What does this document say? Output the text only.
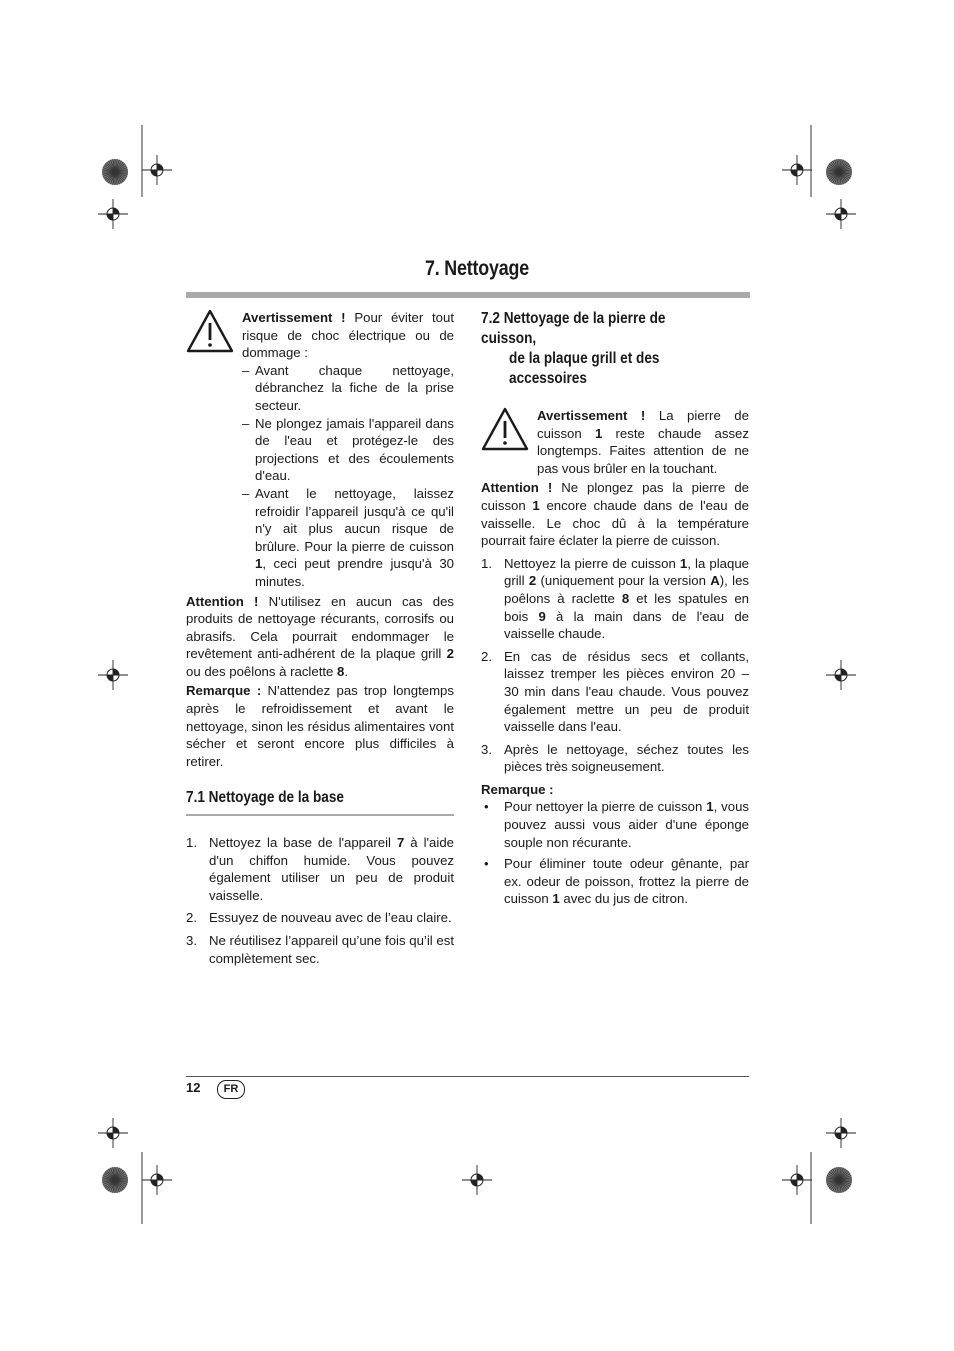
7. Nettoyage

Avertissement ! Pour éviter tout risque de choc électrique ou de dommage :

– Avant chaque nettoyage, débranchez la fiche de la prise secteur.
– Ne plongez jamais l'appareil dans de l'eau et protégez-le des projections et des écoulements d'eau.
– Avant le nettoyage, laissez refroidir l’appareil jusqu'à ce qu'il n'y ait plus aucun risque de brûlure. Pour la pierre de cuisson 1, ceci peut prendre jusqu'à 30 minutes.

Attention ! N'utilisez en aucun cas des produits de nettoyage récurants, corrosifs ou abrasifs. Cela pourrait endommager le revêtement anti-adhérent de la plaque grill 2 ou des poêlons à raclette 8.

Remarque : N'attendez pas trop longtemps après le refroidissement et avant le nettoyage, sinon les résidus alimentaires vont sécher et seront encore plus difficiles à retirer.

7.1 Nettoyage de la base
1. Nettoyez la base de l'appareil 7 à l'aide d'un chiffon humide. Vous pouvez également utiliser un peu de produit vaisselle.
2. Essuyez de nouveau avec de l’eau claire.
3. Ne réutilisez l’appareil qu’une fois qu’il est complètement sec.
7.2 Nettoyage de la pierre de cuisson,
de la plaque grill et des accessoires

Avertissement ! La pierre de cuisson 1 reste chaude assez longtemps. Faites attention de ne pas vous brûler en la touchant.

Attention ! Ne plongez pas la pierre de cuisson 1 encore chaude dans de l'eau de vaisselle. Le choc dû à la température pourrait faire éclater la pierre de cuisson.

1. Nettoyez la pierre de cuisson 1, la plaque grill 2 (uniquement pour la version A), les poêlons à raclette 8 et les spatules en bois 9 à la main dans de l'eau de vaisselle chaude.
2. En cas de résidus secs et collants, laissez tremper les pièces environ 20 – 30 min dans l'eau chaude. Vous pouvez également mettre un peu de produit vaisselle dans l'eau.
3. Après le nettoyage, séchez toutes les pièces très soigneusement.

Remarque :

• Pour nettoyer la pierre de cuisson 1, vous pouvez aussi vous aider d'une éponge souple non récurante.
• Pour éliminer toute odeur gênante, par ex. odeur de poisson, frottez la pierre de cuisson 1 avec du jus de citron.
12	FR
